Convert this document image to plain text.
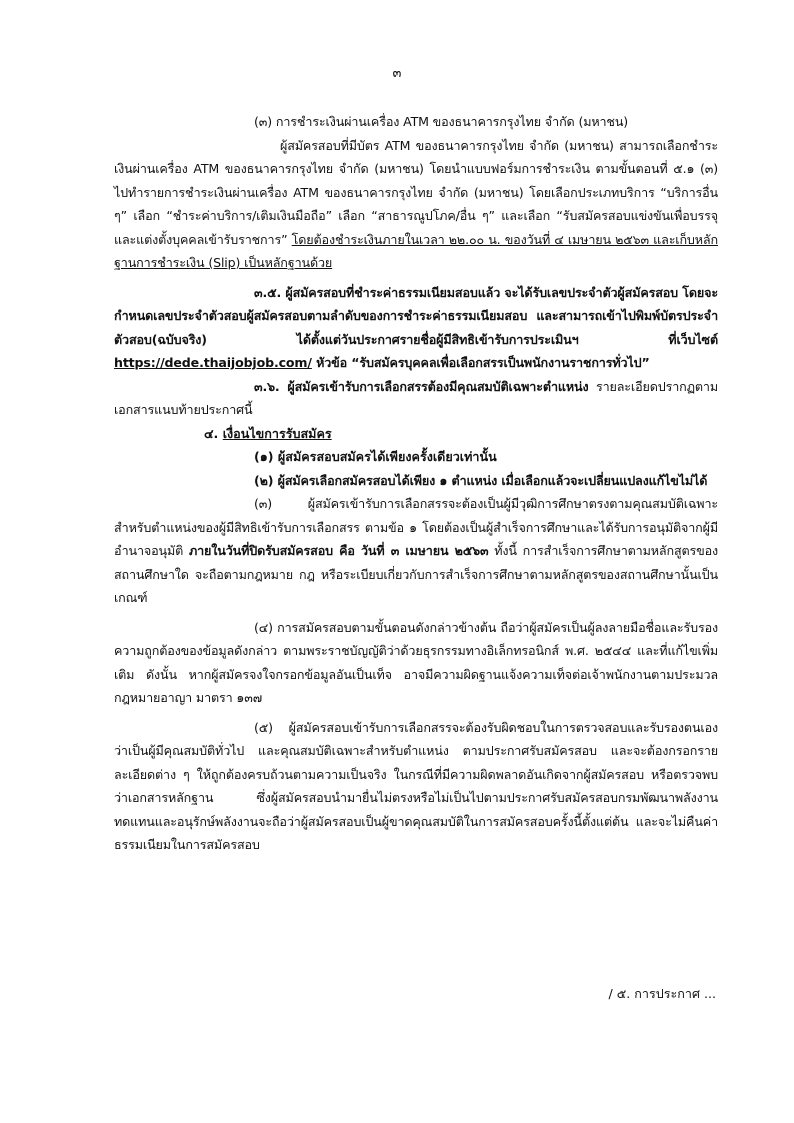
๓

(๓) การชำระเงินผ่านเครื่อง ATM ของธนาคารกรุงไทย จำกัด (มหาชน)

ผู้สมัครสอบที่มีบัตร ATM ของธนาคารกรุงไทย จำกัด (มหาชน) สามารถเลือกชำระเงินผ่านเครื่อง ATM ของธนาคารกรุงไทย จำกัด (มหาชน) โดยนำแบบฟอร์มการชำระเงิน ตามขั้นตอนที่ ๕.๑ (๓) ไปทำรายการชำระเงินผ่านเครื่อง ATM ของธนาคารกรุงไทย จำกัด (มหาชน) โดยเลือกประเภทบริการ “บริการอื่น ๆ” เลือก “ชำระค่าบริการ/เติมเงินมือถือ” เลือก “สาธารณูปโภค/อื่น ๆ” และเลือก “รับสมัครสอบแข่งขันเพื่อบรรจุและแต่งตั้งบุคคลเข้ารับราชการ” โดยต้องชำระเงินภายในเวลา ๒๒.๐๐ น. ของวันที่ ๔ เมษายน ๒๕๖๓ และเก็บหลักฐานการชำระเงิน (Slip) เป็นหลักฐานด้วย

๓.๕. ผู้สมัครสอบที่ชำระค่าธรรมเนียมสอบแล้ว จะได้รับเลขประจำตัวผู้สมัครสอบ โดยจะกำหนดเลขประจำตัวสอบผู้สมัครสอบตามลำดับของการชำระค่าธรรมเนียมสอบ และสามารถเข้าไปพิมพ์บัตรประจำตัวสอบ(ฉบับจริง) ได้ตั้งแต่วันประกาศรายชื่อผู้มีสิทธิเข้ารับการประเมินฯ ที่เว็บไซต์ https://dede.thaijobjob.com/ หัวข้อ “รับสมัครบุคคลเพื่อเลือกสรรเป็นพนักงานราชการทั่วไป”

๓.๖. ผู้สมัครเข้ารับการเลือกสรรต้องมีคุณสมบัติเฉพาะตำแหน่ง รายละเอียดปรากฏตามเอกสารแนบท้ายประกาศนี้

๔. เงื่อนไขการรับสมัคร

(๑) ผู้สมัครสอบสมัครได้เพียงครั้งเดียวเท่านั้น

(๒) ผู้สมัครเลือกสมัครสอบได้เพียง ๑ ตำแหน่ง เมื่อเลือกแล้วจะเปลี่ยนแปลงแก้ไขไม่ได้

(๓) ผู้สมัครเข้ารับการเลือกสรรจะต้องเป็นผู้มีวุฒิการศึกษาตรงตามคุณสมบัติเฉพาะสำหรับตำแหน่งของผู้มีสิทธิเข้ารับการเลือกสรร ตามข้อ ๑ โดยต้องเป็นผู้สำเร็จการศึกษาและได้รับการอนุมัติจากผู้มีอำนาจอนุมัติ ภายในวันที่ปิดรับสมัครสอบ คือ วันที่ ๓ เมษายน ๒๕๖๓ ทั้งนี้ การสำเร็จการศึกษาตามหลักสูตรของสถานศึกษาใด จะถือตามกฎหมาย กฎ หรือระเบียบเกี่ยวกับการสำเร็จการศึกษาตามหลักสูตรของสถานศึกษานั้นเป็นเกณฑ์

(๔) การสมัครสอบตามขั้นตอนดังกล่าวข้างต้น ถือว่าผู้สมัครเป็นผู้ลงลายมือชื่อและรับรองความถูกต้องของข้อมูลดังกล่าว ตามพระราชบัญญัติว่าด้วยธุรกรรมทางอิเล็กทรอนิกส์ พ.ศ. ๒๕๔๔ และที่แก้ไขเพิ่มเติม ดังนั้น หากผู้สมัครจงใจกรอกข้อมูลอันเป็นเท็จ อาจมีความผิดฐานแจ้งความเท็จต่อเจ้าพนักงานตามประมวลกฎหมายอาญา มาตรา ๑๓๗

(๕) ผู้สมัครสอบเข้ารับการเลือกสรรจะต้องรับผิดชอบในการตรวจสอบและรับรองตนเองว่าเป็นผู้มีคุณสมบัติทั่วไป และคุณสมบัติเฉพาะสำหรับตำแหน่ง ตามประกาศรับสมัครสอบ และจะต้องกรอกรายละเอียดต่าง ๆ ให้ถูกต้องครบถ้วนตามความเป็นจริง ในกรณีที่มีความผิดพลาดอันเกิดจากผู้สมัครสอบ หรือตรวจพบว่าเอกสารหลักฐาน ซึ่งผู้สมัครสอบนำมายื่นไม่ตรงหรือไม่เป็นไปตามประกาศรับสมัครสอบกรมพัฒนาพลังงานทดแทนและอนุรักษ์พลังงานจะถือว่าผู้สมัครสอบเป็นผู้ขาดคุณสมบัติในการสมัครสอบครั้งนี้ตั้งแต่ต้น และจะไม่คืนค่าธรรมเนียมในการสมัครสอบ

/ ๕. การประกาศ ...
